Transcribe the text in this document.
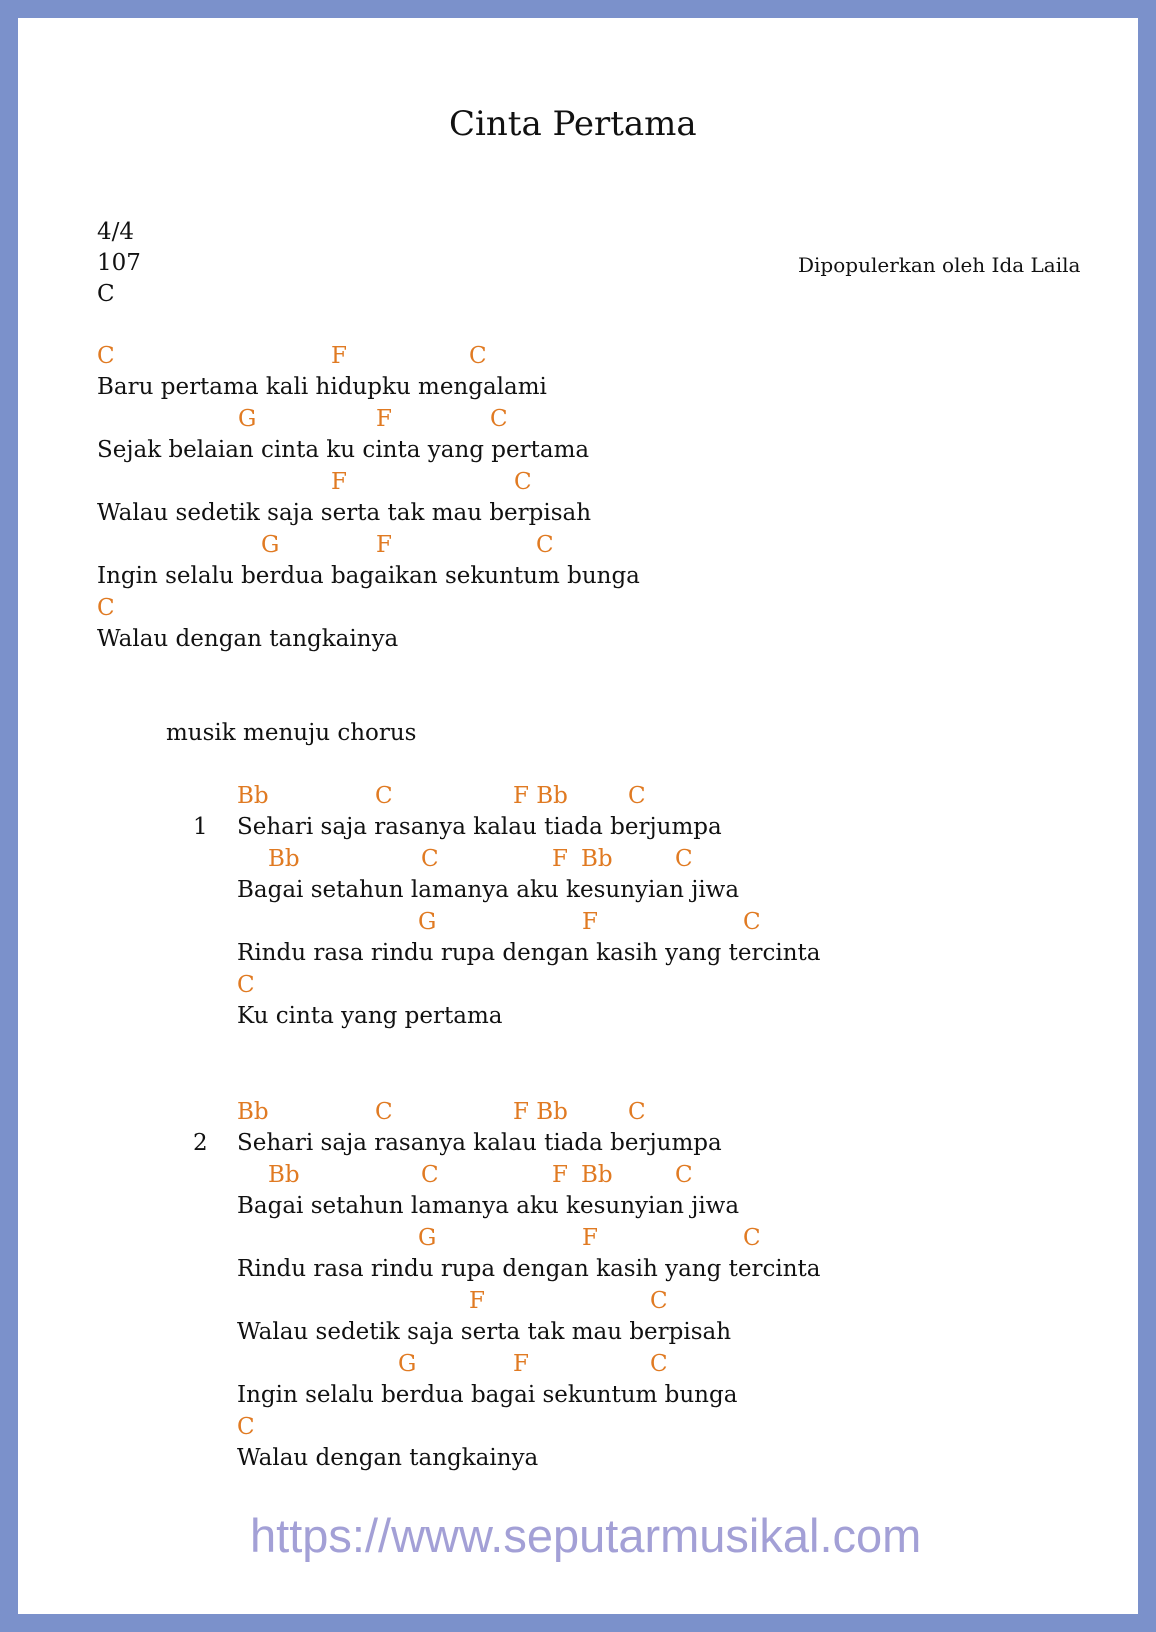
Cinta Pertama
4/4
107
C
Dipopulerkan oleh Ida Laila
C	F	C
Baru pertama kali hidupku mengalami
G	F	C
Sejak belaian cinta ku cinta yang pertama
F	C
Walau sedetik saja serta tak mau berpisah
G	F	C
Ingin selalu berdua bagaikan sekuntum bunga
C
Walau dengan tangkainya
musik menuju chorus
Bb	C	F Bb	C
1 Sehari saja rasanya kalau tiada berjumpa
Bb	C	F Bb	C
Bagai setahun lamanya aku kesunyian jiwa
G	F	C
Rindu rasa rindu rupa dengan kasih yang tercinta
C
Ku cinta yang pertama
Bb	C	F Bb	C
2 Sehari saja rasanya kalau tiada berjumpa
Bb	C	F Bb	C
Bagai setahun lamanya aku kesunyian jiwa
G	F	C
Rindu rasa rindu rupa dengan kasih yang tercinta
F	C
Walau sedetik saja serta tak mau berpisah
G	F	C
Ingin selalu berdua bagai sekuntum bunga
C
Walau dengan tangkainya
https://www.seputarmusikal.com
